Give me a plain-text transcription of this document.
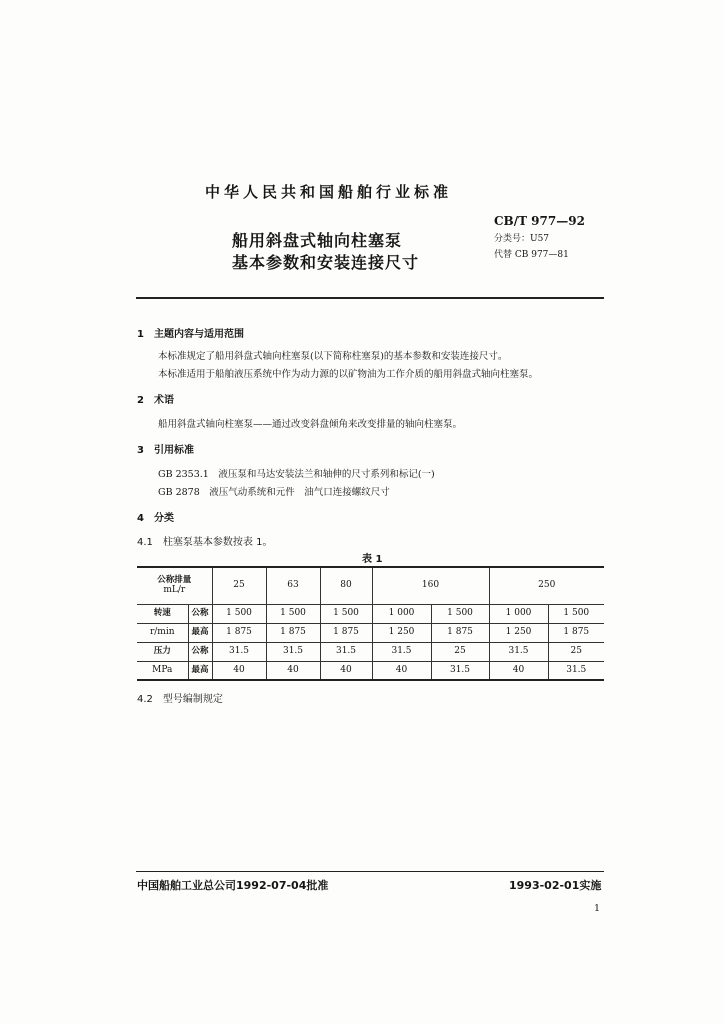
中华人民共和国船舶行业标准
船用斜盘式轴向柱塞泵
基本参数和安装连接尺寸
CB/T 977—92
分类号：U57
代替 CB 977—81
1　主题内容与适用范围
本标准规定了船用斜盘式轴向柱塞泵(以下简称柱塞泵)的基本参数和安装连接尺寸。
本标准适用于船舶液压系统中作为动力源的以矿物油为工作介质的船用斜盘式轴向柱塞泵。
2　术语
船用斜盘式轴向柱塞泵——通过改变斜盘倾角来改变排量的轴向柱塞泵。
3　引用标准
GB 2353.1　液压泵和马达安装法兰和轴伸的尺寸系列和标记(一)
GB 2878　液压气动系统和元件　油气口连接螺纹尺寸
4　分类
4.1　柱塞泵基本参数按表 1。
表 1
公称排量
mL/r		25	63	80	160		250	
转速	公称	1 500	1 500	1 500	1 000	1 500	1 000	1 500
r/min	最高	1 875	1 875	1 875	1 250	1 875	1 250	1 875
压力	公称	31.5	31.5	31.5	31.5	25	31.5	25
MPa	最高	40	40	40	40	31.5	40	31.5
4.2　型号编制规定
中国船舶工业总公司1992-07-04批准	1993-02-01实施
1
